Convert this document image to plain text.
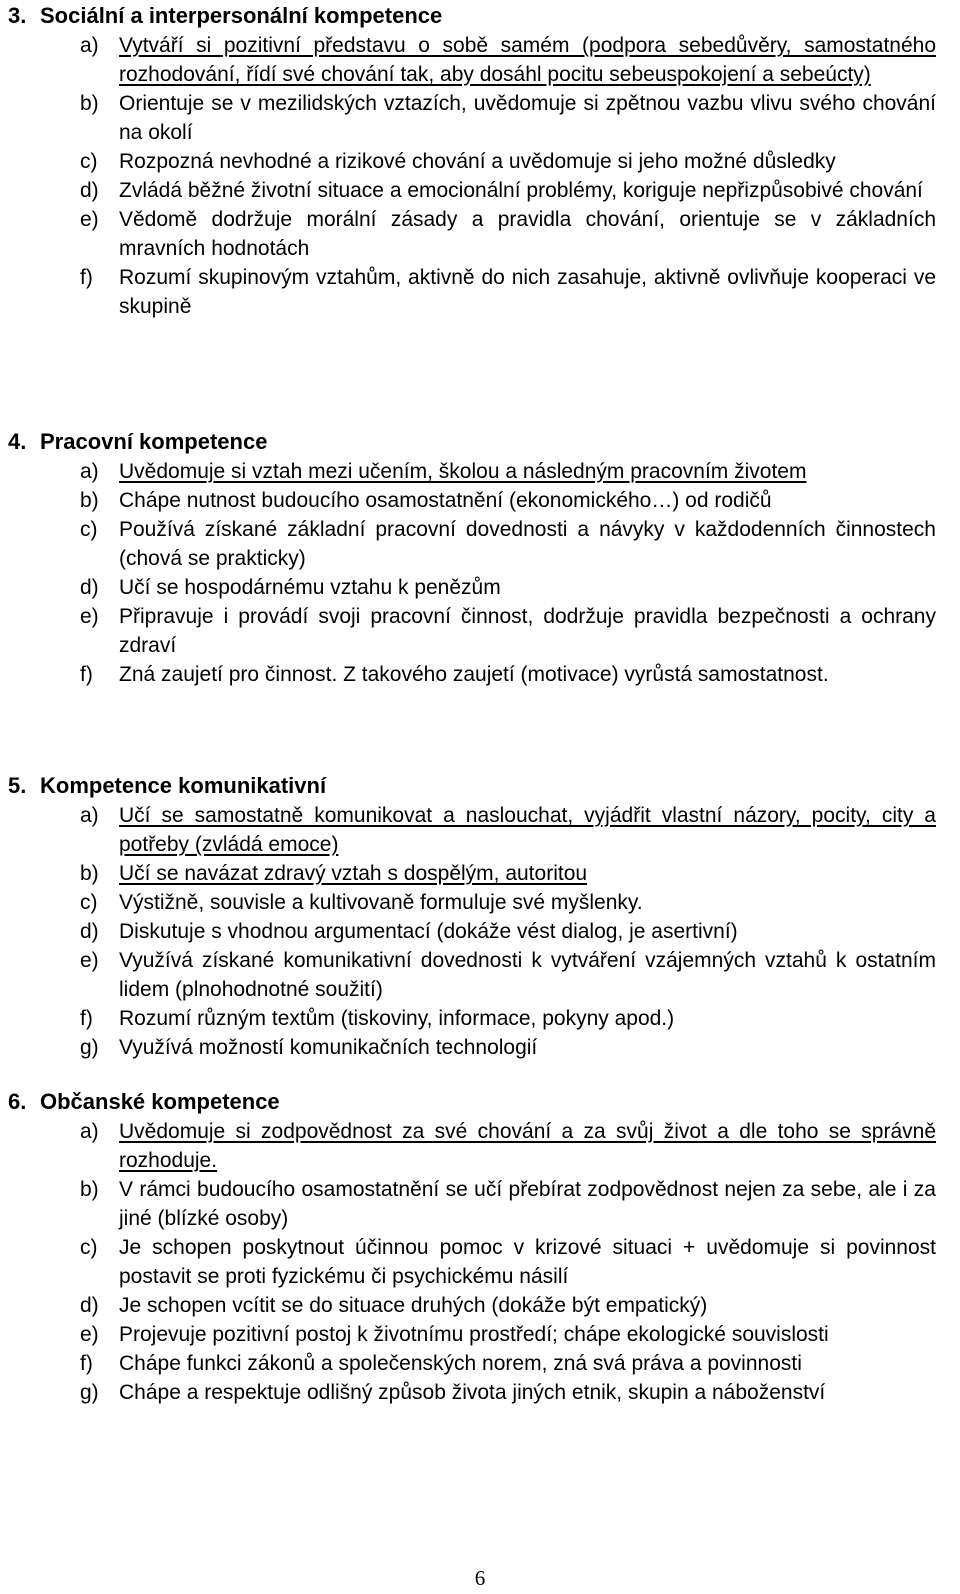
3. Sociální a interpersonální kompetence
a) Vytváří si pozitivní představu o sobě samém (podpora sebedůvěry, samostatného rozhodování, řídí své chování tak, aby dosáhl pocitu sebeuspokojení a sebeúcty)
b) Orientuje se v mezilidských vztazích, uvědomuje si zpětnou vazbu vlivu svého chování na okolí
c)	Rozpozná nevhodné a rizikové chování a uvědomuje si jeho možné důsledky
d) Zvládá běžné životní situace a emocionální problémy, koriguje nepřizpůsobivé chování
e) Vědomě dodržuje morální zásady a pravidla chování, orientuje se v základních mravních hodnotách
f)	Rozumí skupinovým vztahům, aktivně do nich zasahuje, aktivně ovlivňuje kooperaci ve skupině
4. Pracovní kompetence
a) Uvědomuje si vztah mezi učením, školou a následným pracovním životem
b) Chápe nutnost budoucího osamostatnění (ekonomického…) od rodičů
c)	Používá získané základní pracovní dovednosti a návyky v každodenních činnostech (chová se prakticky)
d) Učí se hospodárnému vztahu k penězům
e) Připravuje i provádí svoji pracovní činnost, dodržuje pravidla bezpečnosti a ochrany zdraví
f)	Zná zaujetí pro činnost. Z takového zaujetí (motivace) vyrůstá samostatnost.
5. Kompetence komunikativní
a) Učí se samostatně komunikovat a naslouchat, vyjádřit vlastní názory, pocity, city a potřeby (zvládá emoce)
b) Učí se navázat zdravý vztah s dospělým, autoritou
c)	Výstižně, souvisle a kultivovaně formuluje své myšlenky.
d) Diskutuje s vhodnou argumentací (dokáže vést dialog, je asertivní)
e) Využívá získané komunikativní dovednosti k vytváření vzájemných vztahů k ostatním lidem (plnohodnotné soužití)
f)	Rozumí různým textům (tiskoviny, informace, pokyny apod.)
g) Využívá možností komunikačních technologií
6. Občanské kompetence
a) Uvědomuje si zodpovědnost za své chování a za svůj život a dle toho se správně rozhoduje.
b) V rámci budoucího osamostatnění se učí přebírat zodpovědnost nejen za sebe, ale i za jiné (blízké osoby)
c)	Je schopen poskytnout účinnou pomoc v krizové situaci + uvědomuje si povinnost postavit se proti fyzickému či psychickému násilí
d) Je schopen vcítit se do situace druhých (dokáže být empatický)
e) Projevuje pozitivní postoj k životnímu prostředí; chápe ekologické souvislosti
f)	Chápe funkci zákonů a společenských norem, zná svá práva a povinnosti
g) Chápe a respektuje odlišný způsob života jiných etnik, skupin a náboženství
6
